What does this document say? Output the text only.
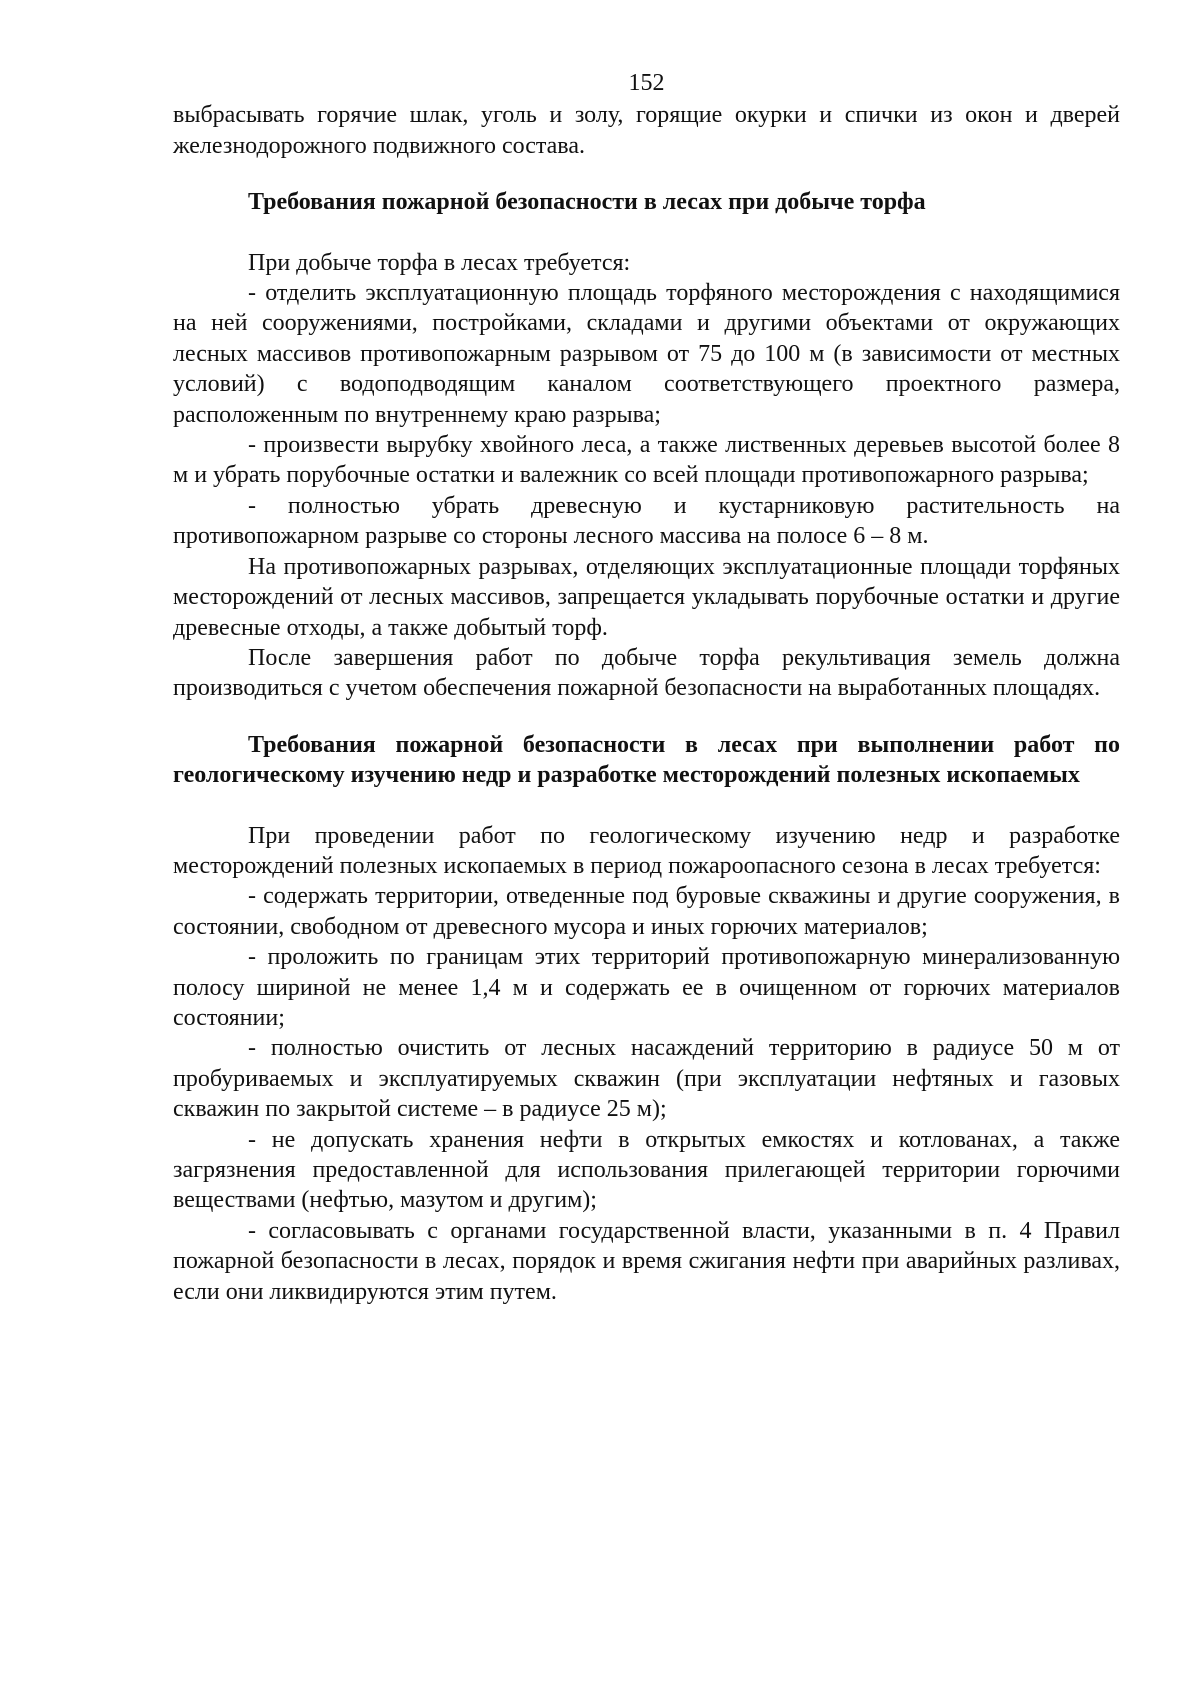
152

выбрасывать горячие шлак, уголь и золу, горящие окурки и спички из окон и дверей железнодорожного подвижного состава.

Требования пожарной безопасности в лесах при добыче торфа

При добыче торфа в лесах требуется:

- отделить эксплуатационную площадь торфяного месторождения с находящимися на ней сооружениями, постройками, складами и другими объектами от окружающих лесных массивов противопожарным разрывом от 75 до 100 м (в зависимости от местных условий) с водоподводящим каналом соответствующего проектного размера, расположенным по внутреннему краю разрыва;

- произвести вырубку хвойного леса, а также лиственных деревьев высотой более 8 м и убрать порубочные остатки и валежник со всей площади противопожарного разрыва;

- полностью убрать древесную и кустарниковую растительность на противопожарном разрыве со стороны лесного массива на полосе 6 – 8 м.

На противопожарных разрывах, отделяющих эксплуатационные площади торфяных месторождений от лесных массивов, запрещается укладывать порубочные остатки и другие древесные отходы, а также добытый торф.

После завершения работ по добыче торфа рекультивация земель должна производиться с учетом обеспечения пожарной безопасности на выработанных площадях.

Требования пожарной безопасности в лесах при выполнении работ по геологическому изучению недр и разработке месторождений полезных ископаемых

При проведении работ по геологическому изучению недр и разработке месторождений полезных ископаемых в период пожароопасного сезона в лесах требуется:

- содержать территории, отведенные под буровые скважины и другие сооружения, в состоянии, свободном от древесного мусора и иных горючих материалов;

- проложить по границам этих территорий противопожарную минерализованную полосу шириной не менее 1,4 м и содержать ее в очищенном от горючих материалов состоянии;

- полностью очистить от лесных насаждений территорию в радиусе 50 м от пробуриваемых и эксплуатируемых скважин (при эксплуатации нефтяных и газовых скважин по закрытой системе – в радиусе 25 м);

- не допускать хранения нефти в открытых емкостях и котлованах, а также загрязнения предоставленной для использования прилегающей территории горючими веществами (нефтью, мазутом и другим);

- согласовывать с органами государственной власти, указанными в п. 4 Правил пожарной безопасности в лесах, порядок и время сжигания нефти при аварийных разливах, если они ликвидируются этим путем.
